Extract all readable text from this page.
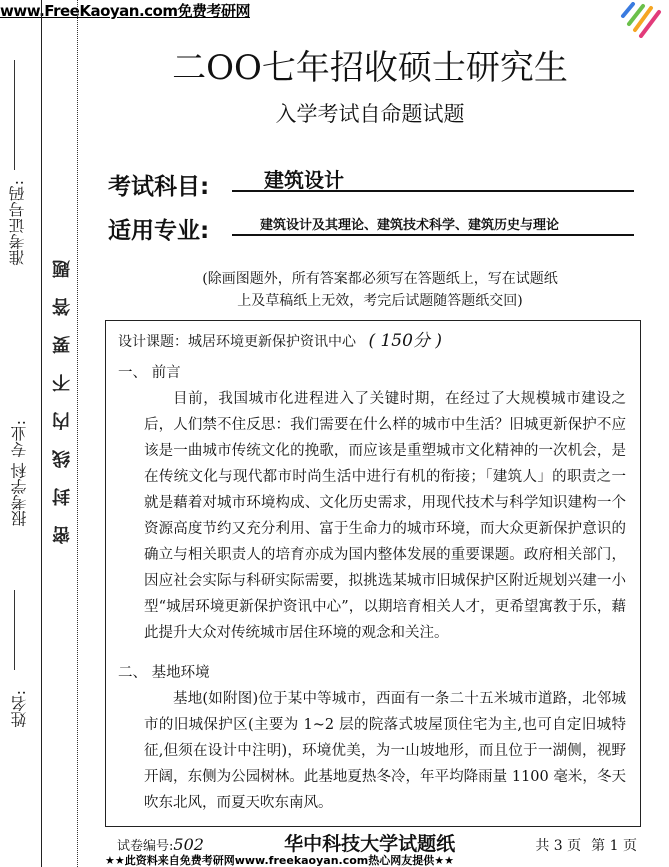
www.FreeKaoyan.com免费考研网
准考证号码:
报考学科 专业:
姓名:
密封线内不要答题
二OO七年招收硕士研究生
入学考试自命题试题
考试科目:	建筑设计
适用专业:	建筑设计及其理论、建筑技术科学、建筑历史与理论
(除画图题外，所有答案都必须写在答题纸上，写在试题纸
上及草稿纸上无效，考完后试题随答题纸交回)
设计课题：城居环境更新保护资讯中心 ( 150分 )
一、 前言
目前，我国城市化进程进入了关键时期，在经过了大规模城市建设之后，人们禁不住反思：我们需要在什么样的城市中生活？旧城更新保护不应该是一曲城市传统文化的挽歌，而应该是重塑城市文化精神的一次机会，是在传统文化与现代都市时尚生活中进行有机的衔接；「建筑人」的职责之一就是藉着对城市环境构成、文化历史需求，用现代技术与科学知识建构一个资源高度节约又充分利用、富于生命力的城市环境，而大众更新保护意识的确立与相关职责人的培育亦成为国内整体发展的重要课题。政府相关部门，因应社会实际与科研实际需要，拟挑选某城市旧城保护区附近规划兴建一小型“城居环境更新保护资讯中心”，以期培育相关人才，更希望寓教于乐，藉此提升大众对传统城市居住环境的观念和关注。
二、 基地环境
基地(如附图)位于某中等城市，西面有一条二十五米城市道路，北邻城市的旧城保护区(主要为 1~2 层的院落式坡屋顶住宅为主,也可自定旧城特征,但须在设计中注明)，环境优美，为一山坡地形，而且位于一湖侧，视野开阔，东侧为公园树林。此基地夏热冬冷，年平均降雨量 1100 毫米，冬天吹东北风，而夏天吹东南风。
试卷编号:502	华中科技大学试题纸	共 3 页 第 1 页
★★此资料来自免费考研网www.freekaoyan.com热心网友提供★★
